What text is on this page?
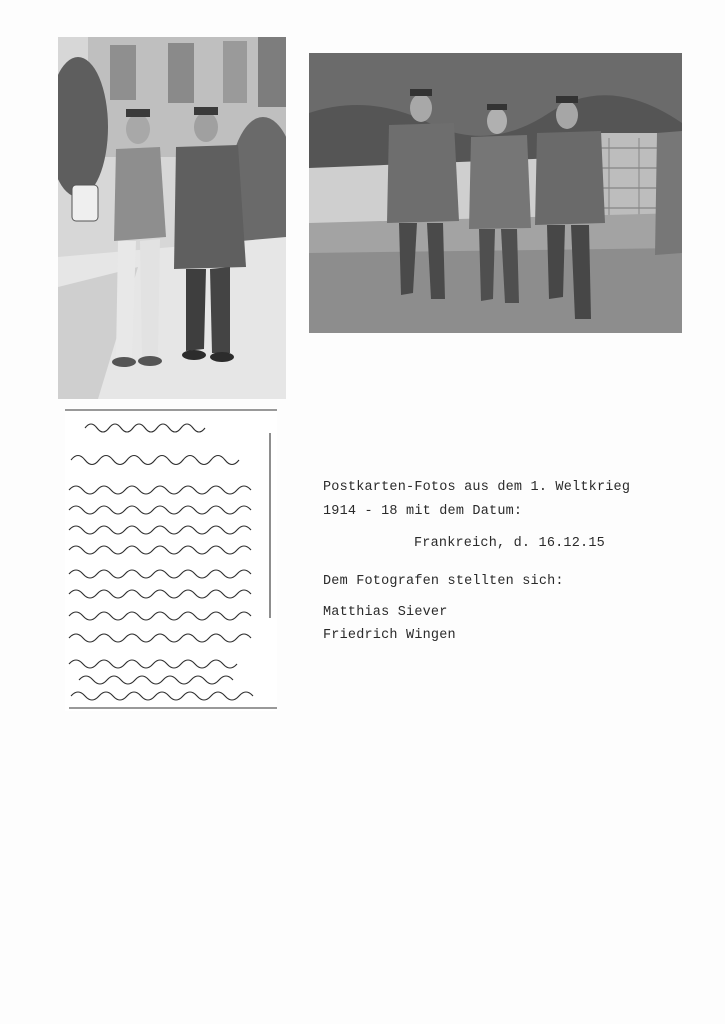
Postkarten-Fotos aus dem 1. Weltkrieg
1914 - 18 mit dem Datum:
Frankreich, d. 16.12.15
Dem Fotografen stellten sich:
Matthias Siever
Friedrich Wingen
